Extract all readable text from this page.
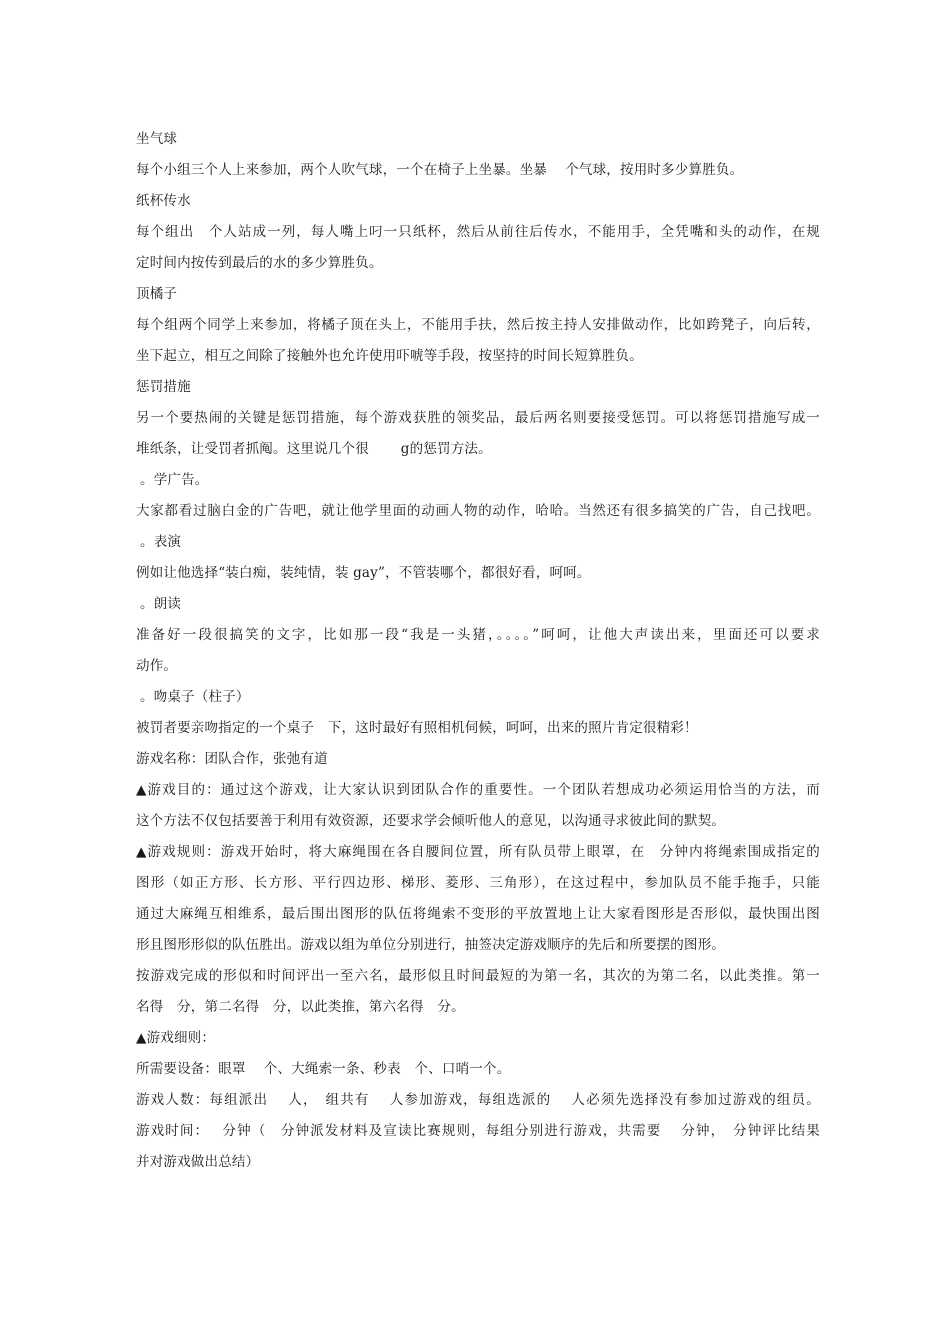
坐气球
每个小组三个人上来参加，两个人吹气球，一个在椅子上坐暴。坐暴　 个气球，按用时多少算胜负。
纸杯传水
每个组出　个人站成一列，每人嘴上叼一只纸杯，然后从前往后传水，不能用手，全凭嘴和头的动作，在规
定时间内按传到最后的水的多少算胜负。
顶橘子
每个组两个同学上来参加，将橘子顶在头上，不能用手扶，然后按主持人安排做动作，比如跨凳子，向后转，
坐下起立，相互之间除了接触外也允许使用吓唬等手段，按坚持的时间长短算胜负。
惩罚措施
另一个要热闹的关键是惩罚措施，每个游戏获胜的领奖品，最后两名则要接受惩罚。可以将惩罚措施写成一
堆纸条，让受罚者抓阄。这里说几个很　　 g的惩罚方法。
。学广告。
大家都看过脑白金的广告吧，就让他学里面的动画人物的动作，哈哈。当然还有很多搞笑的广告，自己找吧。
。表演
例如让他选择“装白痴，装纯情，装 gay”，不管装哪个，都很好看，呵呵。
。朗读
准备好一段很搞笑的文字，比如那一段“我是一头猪，。。。。”呵呵，让他大声读出来，里面还可以要求
动作。
。吻桌子（柱子）
被罚者要亲吻指定的一个桌子　下，这时最好有照相机伺候，呵呵，出来的照片肯定很精彩！
游戏名称：团队合作，张弛有道
▲游戏目的：通过这个游戏，让大家认识到团队合作的重要性。一个团队若想成功必须运用恰当的方法，而
这个方法不仅包括要善于利用有效资源，还要求学会倾听他人的意见，以沟通寻求彼此间的默契。
▲游戏规则：游戏开始时，将大麻绳围在各自腰间位置，所有队员带上眼罩，在　分钟内将绳索围成指定的
图形（如正方形、长方形、平行四边形、梯形、菱形、三角形），在这过程中，参加队员不能手拖手，只能
通过大麻绳互相维系，最后围出图形的队伍将绳索不变形的平放置地上让大家看图形是否形似，最快围出图
形且图形形似的队伍胜出。游戏以组为单位分别进行，抽签决定游戏顺序的先后和所要摆的图形。
按游戏完成的形似和时间评出一至六名，最形似且时间最短的为第一名，其次的为第二名，以此类推。第一
名得　分，第二名得　分，以此类推，第六名得　分。
▲游戏细则：
所需要设备：眼罩　 个、大绳索一条、秒表　个、口哨一个。
游戏人数：每组派出　 人，　组共有　 人参加游戏，每组选派的　 人必须先选择没有参加过游戏的组员。
游戏时间：　 分钟（　分钟派发材料及宣读比赛规则，每组分别进行游戏，共需要　 分钟，　分钟评比结果
并对游戏做出总结）
